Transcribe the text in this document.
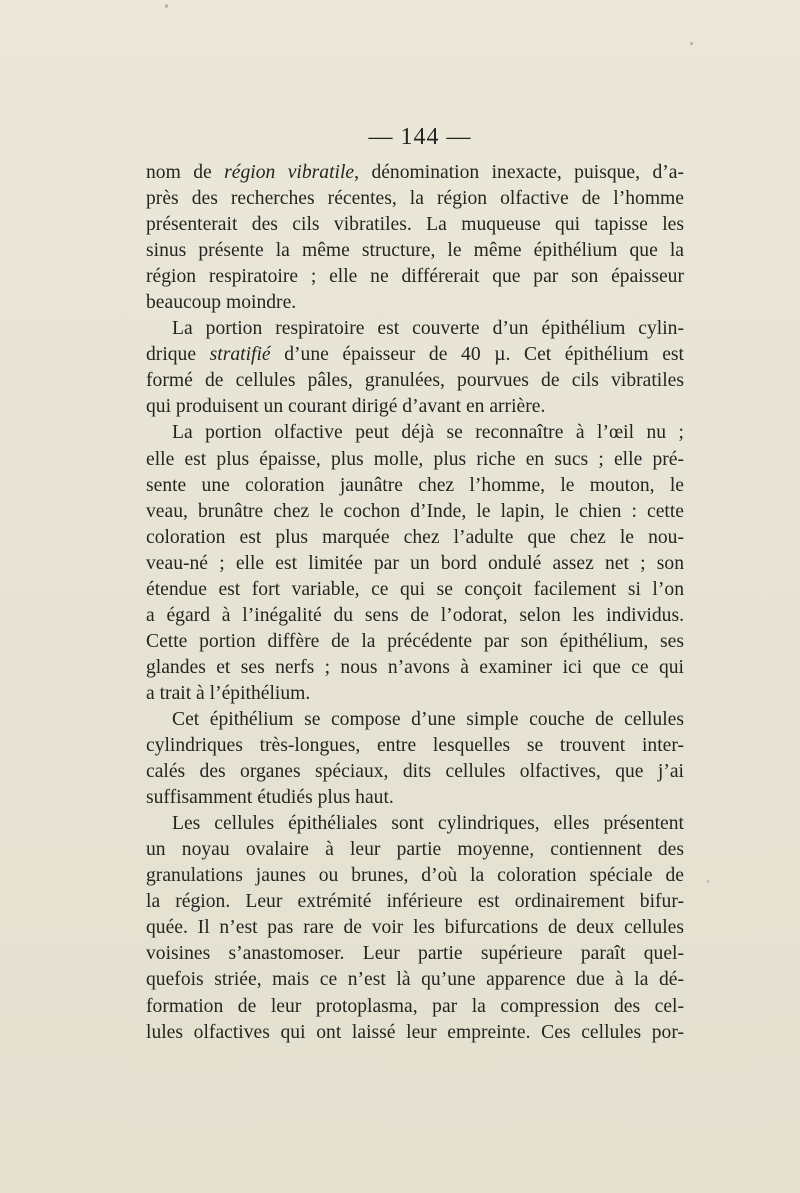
— 144 —
nom de région vibratile, dénomination inexacte, puisque, d’a-
près des recherches récentes, la région olfactive de l’homme
présenterait des cils vibratiles. La muqueuse qui tapisse les
sinus présente la même structure, le même épithélium que la
région respiratoire ; elle ne différerait que par son épaisseur
beaucoup moindre.
La portion respiratoire est couverte d’un épithélium cylin-
drique stratifié d’une épaisseur de 40 µ. Cet épithélium est
formé de cellules pâles, granulées, pourvues de cils vibratiles
qui produisent un courant dirigé d’avant en arrière.
La portion olfactive peut déjà se reconnaître à l’œil nu ;
elle est plus épaisse, plus molle, plus riche en sucs ; elle pré-
sente une coloration jaunâtre chez l’homme, le mouton, le
veau, brunâtre chez le cochon d’Inde, le lapin, le chien : cette
coloration est plus marquée chez l’adulte que chez le nou-
veau-né ; elle est limitée par un bord ondulé assez net ; son
étendue est fort variable, ce qui se conçoit facilement si l’on
a égard à l’inégalité du sens de l’odorat, selon les individus.
Cette portion diffère de la précédente par son épithélium, ses
glandes et ses nerfs ; nous n’avons à examiner ici que ce qui
a trait à l’épithélium.
Cet épithélium se compose d’une simple couche de cellules
cylindriques très-longues, entre lesquelles se trouvent inter-
calés des organes spéciaux, dits cellules olfactives, que j’ai
suffisamment étudiés plus haut.
Les cellules épithéliales sont cylindriques, elles présentent
un noyau ovalaire à leur partie moyenne, contiennent des
granulations jaunes ou brunes, d’où la coloration spéciale de
la région. Leur extrémité inférieure est ordinairement bifur-
quée. Il n’est pas rare de voir les bifurcations de deux cellules
voisines s’anastomoser. Leur partie supérieure paraît quel-
quefois striée, mais ce n’est là qu’une apparence due à la dé-
formation de leur protoplasma, par la compression des cel-
lules olfactives qui ont laissé leur empreinte. Ces cellules por-
